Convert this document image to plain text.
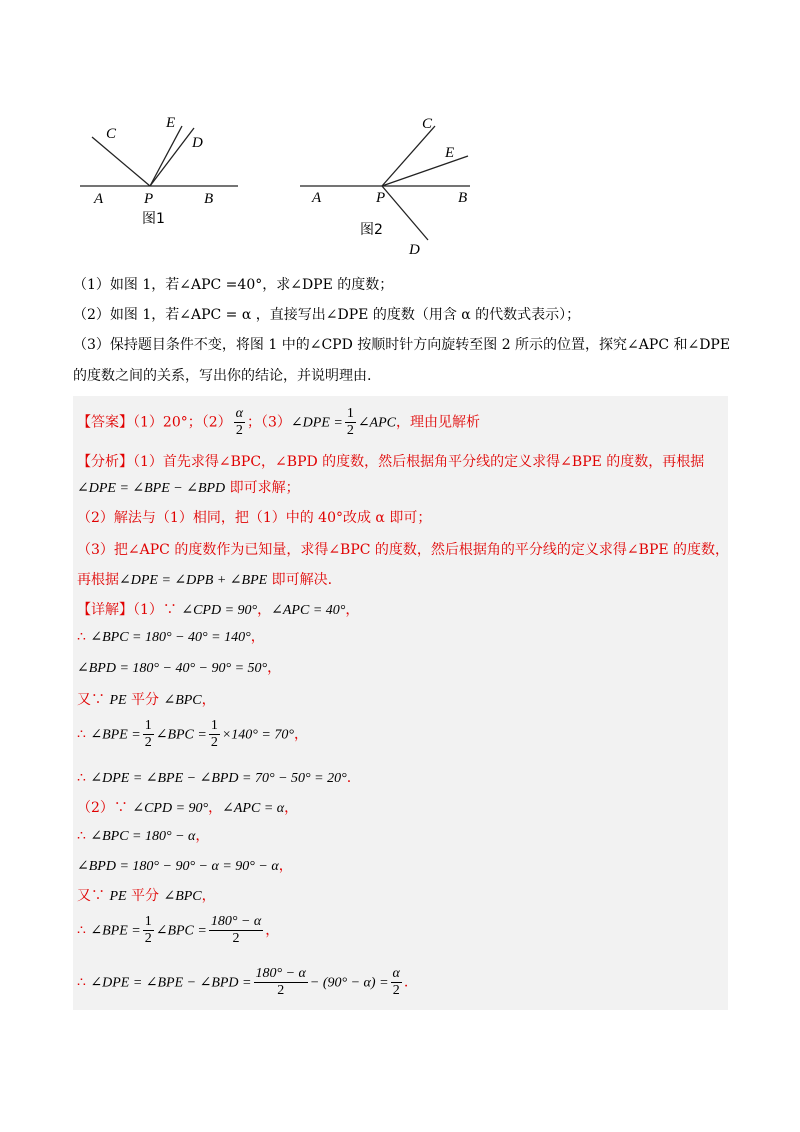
A	P	B
C
E
D
图1
A	P	B
C
E
D
图2
（1）如图 1，若∠APC =40°，求∠DPE 的度数；
（2）如图 1，若∠APC = α ，直接写出∠DPE 的度数（用含 α 的代数式表示）；
（3）保持题目条件不变，将图 1 中的∠CPD 按顺时针方向旋转至图 2 所示的位置，探究∠APC 和∠DPE
的度数之间的关系，写出你的结论，并说明理由.
【答案】（1）20°；$(2) \frac{\alpha}{2}$ ；（3）∠DPE = $\frac{1}{2}$ ∠APC，理由见解析
【分析】（1）首先求得∠BPC，∠BPD 的度数，然后根据角平分线的定义求得∠BPE 的度数，再根据
∠DPE = ∠BPE − ∠BPD 即可求解；
（2）解法与（1）相同，把（1）中的 40°改成 α 即可；
（3）把∠APC 的度数作为已知量，求得∠BPC 的度数，然后根据角的平分线的定义求得∠BPE 的度数，
再根据∠DPE = ∠DPB + ∠BPE 即可解决.
【详解】（1）∵ ∠CPD = 90°，∠APC = 40°，
∴ ∠BPC = 180° − 40° = 140°，
∠BPD = 180° − 40° − 90° = 50°，
又∵ PE 平分 ∠BPC，
∴ ∠BPE = $\frac{1}{2}$ ∠BPC = $\frac{1}{2} \times 140^\circ = 70^\circ$，
∴ ∠DPE = ∠BPE − ∠BPD = 70° − 50° = 20°.
（2）∵ ∠CPD = 90°，∠APC = α，
∴ ∠BPC = 180° − α，
∠BPD = 180° − 90° − α = 90° − α，
又∵ PE 平分 ∠BPC，
∴ ∠BPE = $\frac{1}{2}$ ∠BPC = $\frac{180^\circ - \alpha}{2}$ ，
∴ ∠DPE = ∠BPE − ∠BPD = $\frac{180^\circ - \alpha}{2} - (90^\circ - \alpha) = \frac{\alpha}{2}$ .
